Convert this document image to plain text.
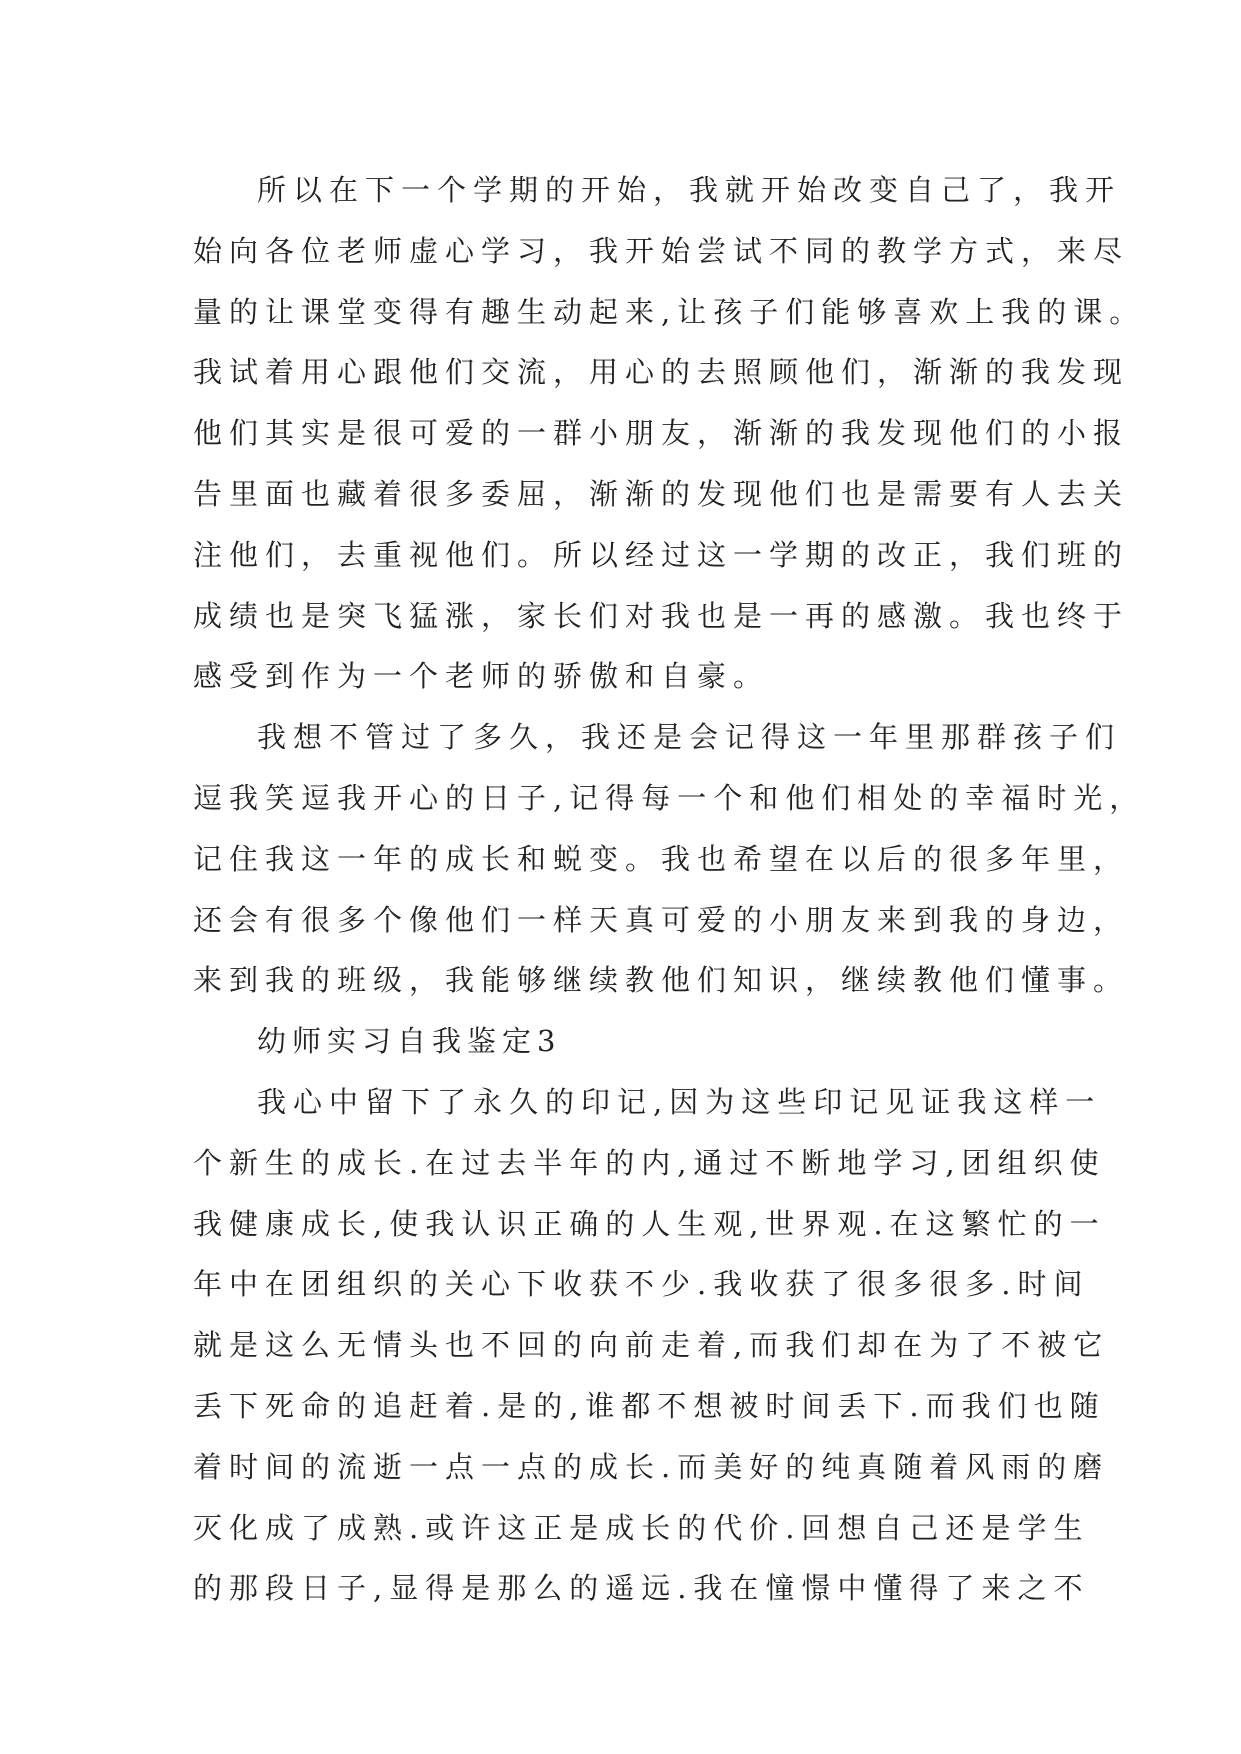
所以在下一个学期的开始，我就开始改变自己了，我开
始向各位老师虚心学习，我开始尝试不同的教学方式，来尽
量的让课堂变得有趣生动起来,让孩子们能够喜欢上我的课。
我试着用心跟他们交流，用心的去照顾他们，渐渐的我发现
他们其实是很可爱的一群小朋友，渐渐的我发现他们的小报
告里面也藏着很多委屈，渐渐的发现他们也是需要有人去关
注他们，去重视他们。所以经过这一学期的改正，我们班的
成绩也是突飞猛涨，家长们对我也是一再的感激。我也终于
感受到作为一个老师的骄傲和自豪。
我想不管过了多久，我还是会记得这一年里那群孩子们
逗我笑逗我开心的日子,记得每一个和他们相处的幸福时光，
记住我这一年的成长和蜕变。我也希望在以后的很多年里，
还会有很多个像他们一样天真可爱的小朋友来到我的身边，
来到我的班级，我能够继续教他们知识，继续教他们懂事。
幼师实习自我鉴定3
我心中留下了永久的印记,因为这些印记见证我这样一
个新生的成长.在过去半年的内,通过不断地学习,团组织使
我健康成长,使我认识正确的人生观,世界观.在这繁忙的一
年中在团组织的关心下收获不少.我收获了很多很多.时间
就是这么无情头也不回的向前走着,而我们却在为了不被它
丢下死命的追赶着.是的,谁都不想被时间丢下.而我们也随
着时间的流逝一点一点的成长.而美好的纯真随着风雨的磨
灭化成了成熟.或许这正是成长的代价.回想自己还是学生
的那段日子,显得是那么的遥远.我在憧憬中懂得了来之不
